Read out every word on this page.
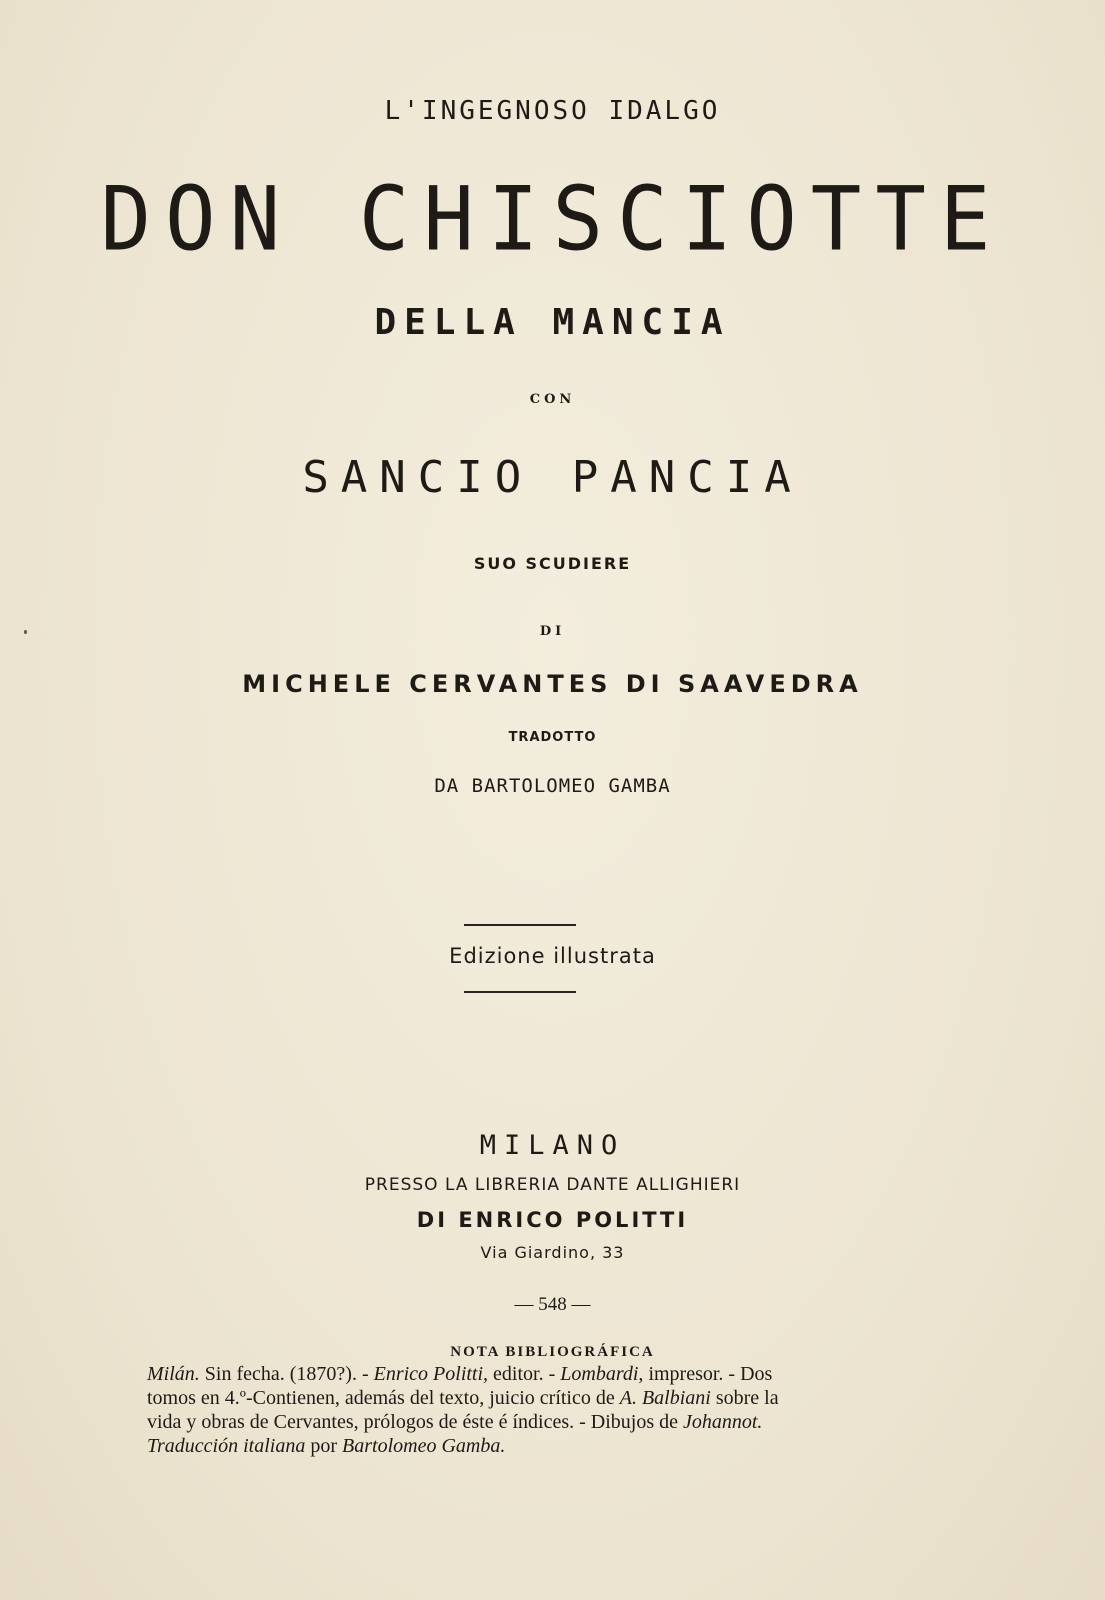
L'INGEGNOSO IDALGO
DON CHISCIOTTE
DELLA MANCIA
CON
SANCIO PANCIA
SUO SCUDIERE
DI
MICHELE CERVANTES DI SAAVEDRA
TRADOTTO
DA BARTOLOMEO GAMBA
Edizione illustrata
MILANO
PRESSO LA LIBRERIA DANTE ALLIGHIERI
DI ENRICO POLITTI
Via Giardino, 33
— 548 —
NOTA BIBLIOGRÁFICA

Milán. Sin fecha. (1870?). - Enrico Politti, editor. - Lombardi, impresor. - Dos

tomos en 4.º-Contienen, además del texto, juicio crítico de A. Balbiani sobre la

vida y obras de Cervantes, prólogos de éste é índices. - Dibujos de Johannot.

Traducción italiana por Bartolomeo Gamba.
